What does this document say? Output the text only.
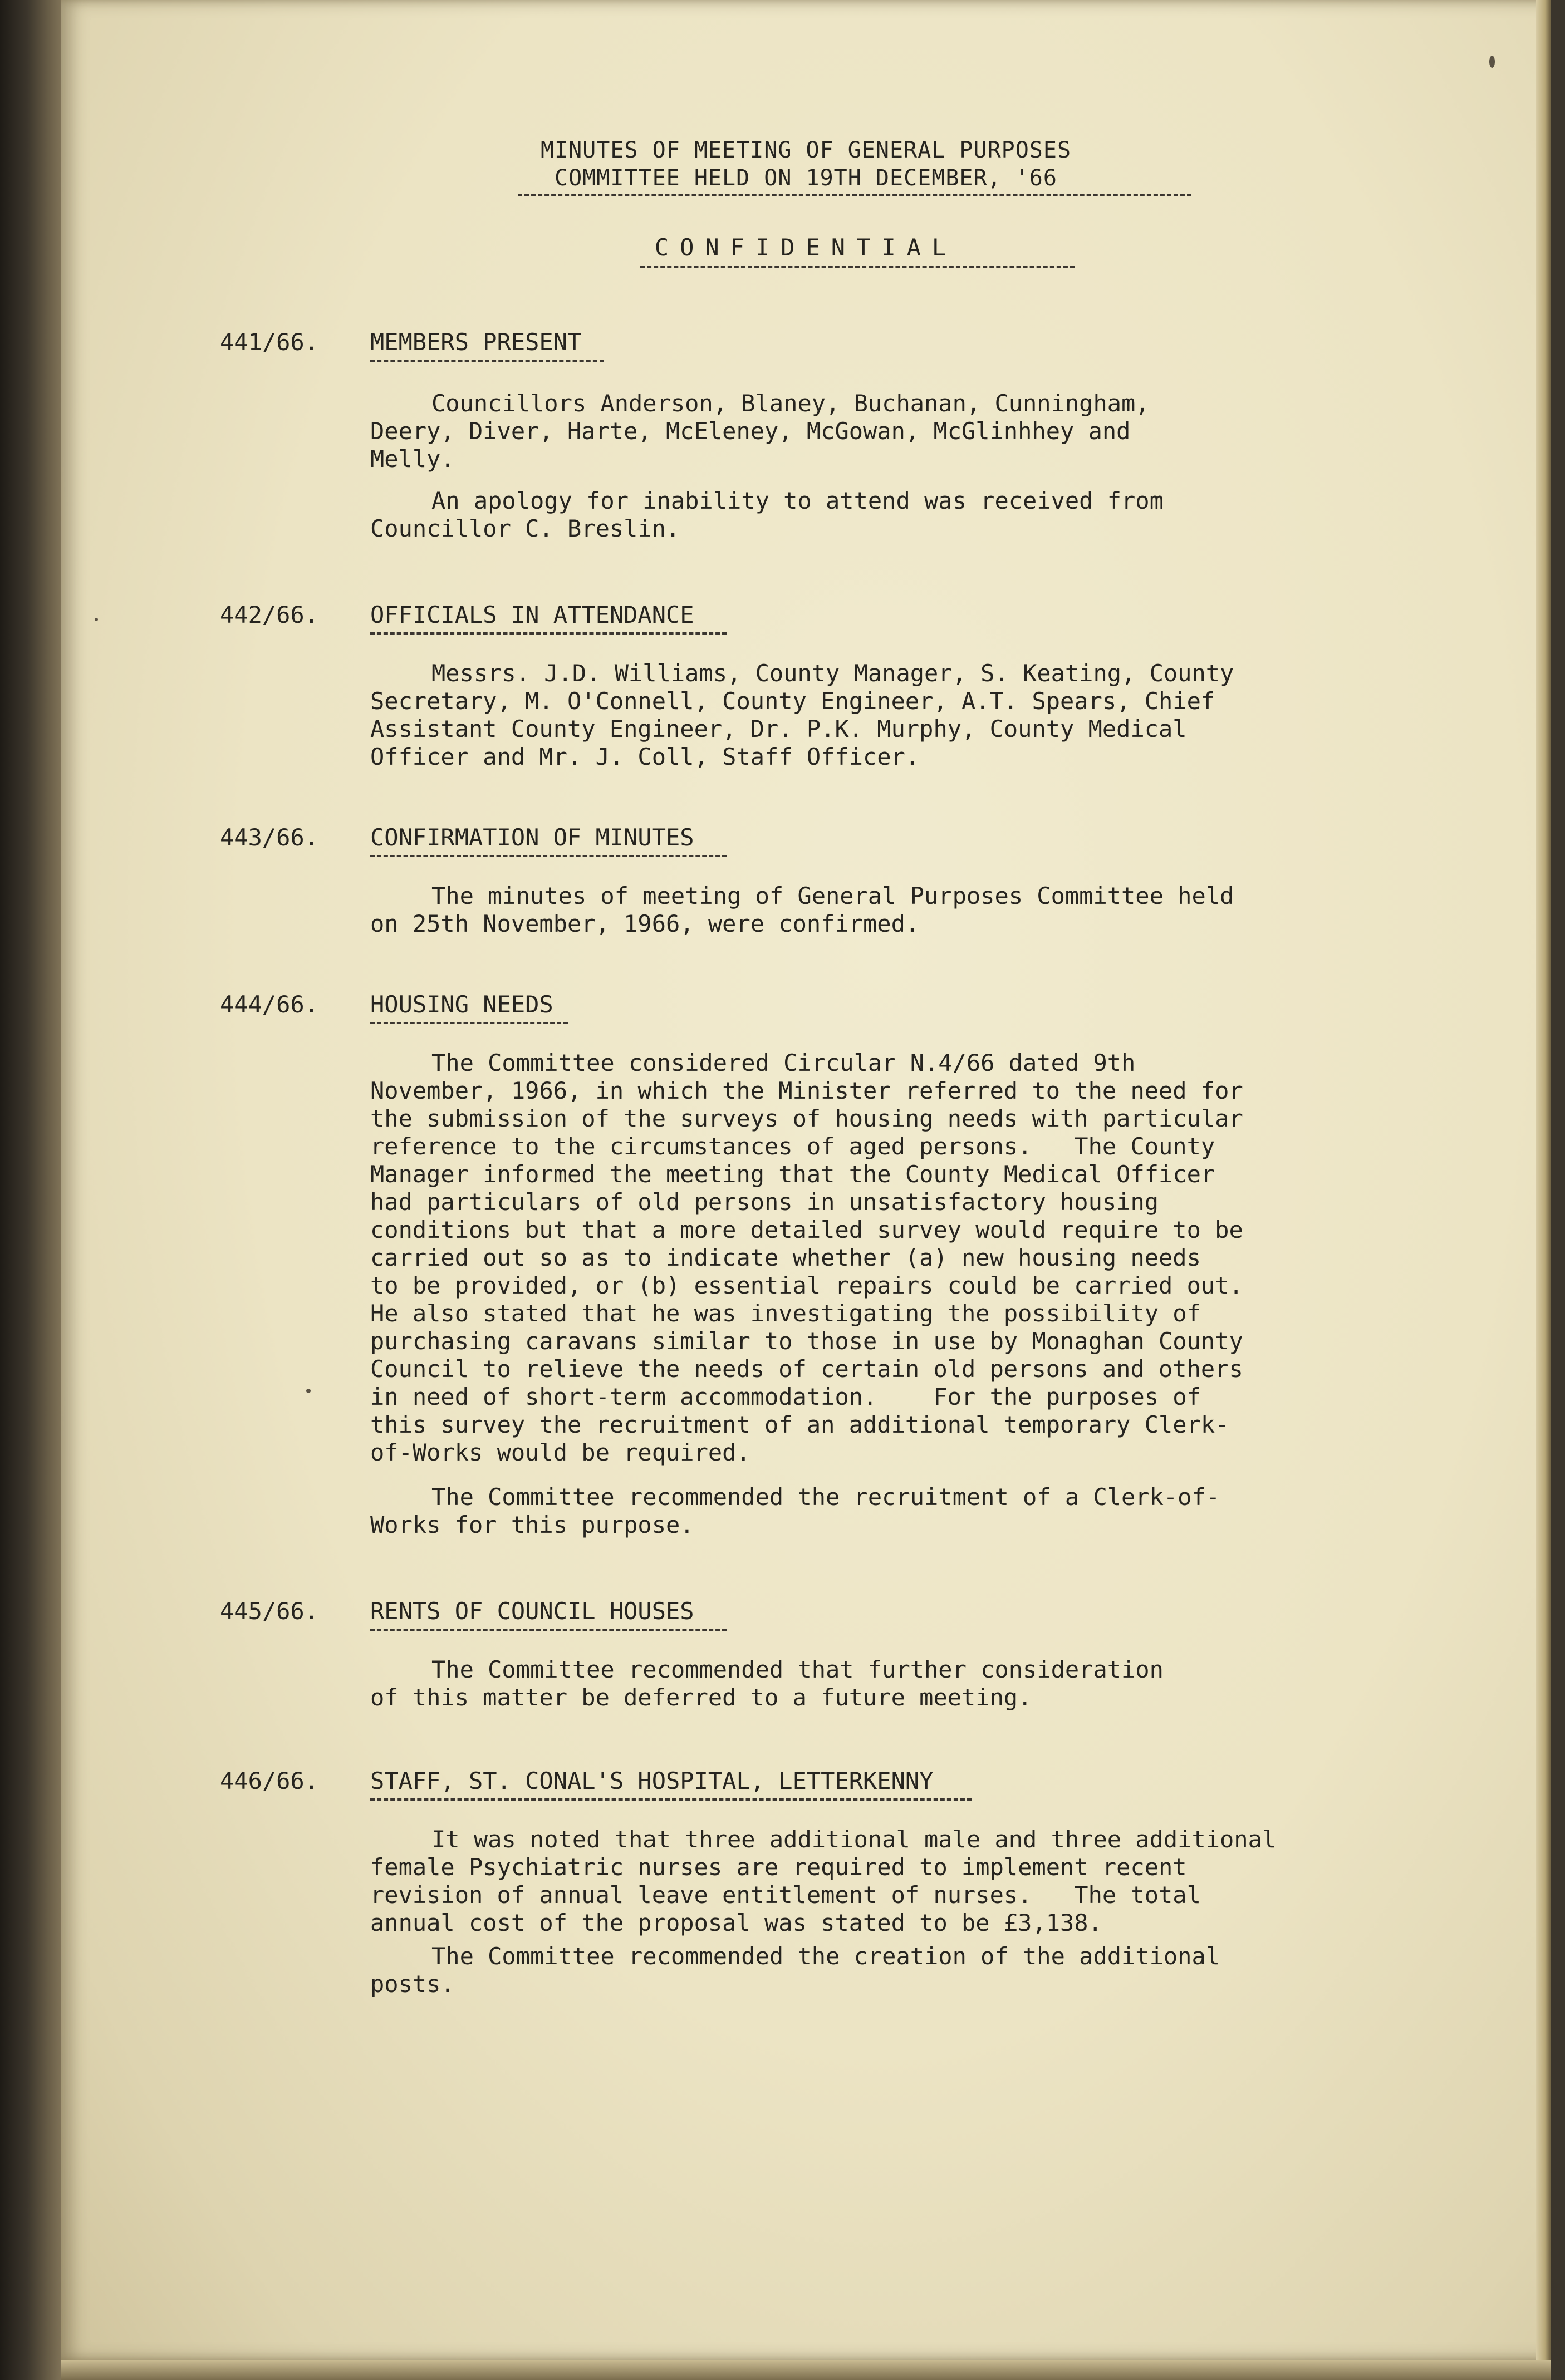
MINUTES OF MEETING OF GENERAL PURPOSES
COMMITTEE HELD ON 19TH DECEMBER, '66
CONFIDENTIAL
441/66. MEMBERS PRESENT

Councillors Anderson, Blaney, Buchanan, Cunningham,
Deery, Diver, Harte, McEleney, McGowan, McGlinhhey and
Melly.

An apology for inability to attend was received from
Councillor C. Breslin.

442/66. OFFICIALS IN ATTENDANCE

Messrs. J.D. Williams, County Manager, S. Keating, County
Secretary, M. O'Connell, County Engineer, A.T. Spears, Chief
Assistant County Engineer, Dr. P.K. Murphy, County Medical
Officer and Mr. J. Coll, Staff Officer.

443/66. CONFIRMATION OF MINUTES

The minutes of meeting of General Purposes Committee held
on 25th November, 1966, were confirmed.

444/66. HOUSING NEEDS

The Committee considered Circular N.4/66 dated 9th
November, 1966, in which the Minister referred to the need for
the submission of the surveys of housing needs with particular
reference to the circumstances of aged persons.   The County
Manager informed the meeting that the County Medical Officer
had particulars of old persons in unsatisfactory housing
conditions but that a more detailed survey would require to be
carried out so as to indicate whether (a) new housing needs
to be provided, or (b) essential repairs could be carried out.
He also stated that he was investigating the possibility of
purchasing caravans similar to those in use by Monaghan County
Council to relieve the needs of certain old persons and others
in need of short-term accommodation.    For the purposes of
this survey the recruitment of an additional temporary Clerk-
of-Works would be required.

The Committee recommended the recruitment of a Clerk-of-
Works for this purpose.

445/66. RENTS OF COUNCIL HOUSES

The Committee recommended that further consideration
of this matter be deferred to a future meeting.

446/66. STAFF, ST. CONAL'S HOSPITAL, LETTERKENNY

It was noted that three additional male and three additional
female Psychiatric nurses are required to implement recent
revision of annual leave entitlement of nurses.   The total
annual cost of the proposal was stated to be £3,138.

The Committee recommended the creation of the additional
posts.
